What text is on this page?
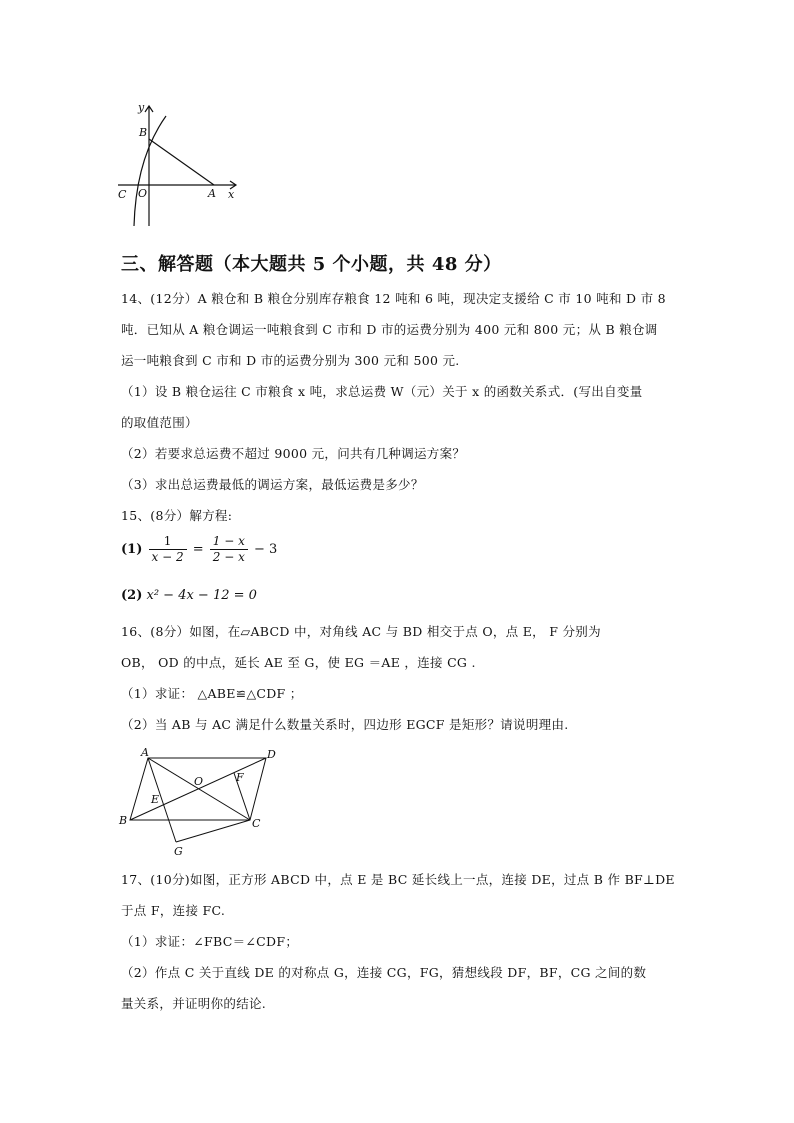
y
B
C O	A x
三、解答题（本大题共 5 个小题，共 48 分）
14、(12分）A 粮仓和 B 粮仓分别库存粮食 12 吨和 6 吨，现决定支援给 C 市 10 吨和 D 市 8
吨．已知从 A 粮仓调运一吨粮食到 C 市和 D 市的运费分别为 400 元和 800 元；从 B 粮仓调
运一吨粮食到 C 市和 D 市的运费分别为 300 元和 500 元.
（1）设 B 粮仓运往 C 市粮食 x 吨，求总运费 W（元）关于 x 的函数关系式．(写出自变量
的取值范围）
（2）若要求总运费不超过 9000 元，问共有几种调运方案？
（3）求出总运费最低的调运方案，最低运费是多少？
15、(8分）解方程:
$(1) \frac{1}{x - 2} = \frac{1 - x}{2 - x} - 3$
(2) x² − 4x − 12 = 0
16、(8分）如图，在▱ABCD 中，对角线 AC 与 BD 相交于点 O，点 E， F 分别为
OB， OD 的中点，延长 AE 至 G，使 EG ＝AE ，连接 CG .
（1）求证： △ABE≌△CDF ；
（2）当 AB 与 AC 满足什么数量关系时，四边形 EGCF 是矩形？请说明理由.
A	D
O	F
E
B	C
G
17、(10分)如图，正方形 ABCD 中，点 E 是 BC 延长线上一点，连接 DE，过点 B 作 BF⊥DE
于点 F，连接 FC.
（1）求证：∠FBC＝∠CDF；
（2）作点 C 关于直线 DE 的对称点 G，连接 CG，FG，猜想线段 DF，BF，CG 之间的数
量关系，并证明你的结论.
